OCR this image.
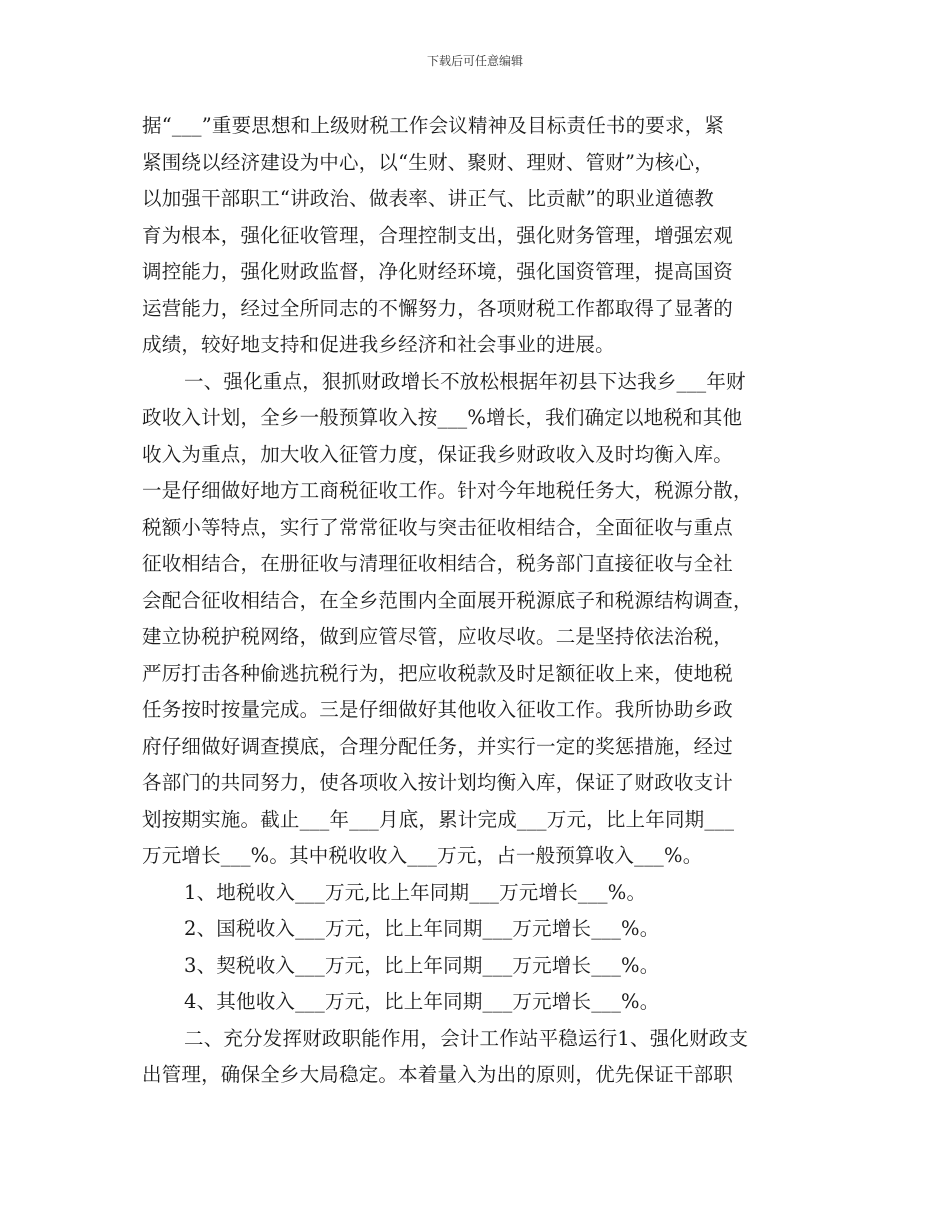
下载后可任意编辑
据“___”重要思想和上级财税工作会议精神及目标责任书的要求，紧
紧围绕以经济建设为中心，以“生财、聚财、理财、管财”为核心，
以加强干部职工“讲政治、做表率、讲正气、比贡献”的职业道德教
育为根本，强化征收管理，合理控制支出，强化财务管理，增强宏观
调控能力，强化财政监督，净化财经环境，强化国资管理，提高国资
运营能力，经过全所同志的不懈努力，各项财税工作都取得了显著的
成绩，较好地支持和促进我乡经济和社会事业的进展。
一、强化重点，狠抓财政增长不放松根据年初县下达我乡___年财
政收入计划，全乡一般预算收入按___%增长，我们确定以地税和其他
收入为重点，加大收入征管力度，保证我乡财政收入及时均衡入库。
一是仔细做好地方工商税征收工作。针对今年地税任务大，税源分散，
税额小等特点，实行了常常征收与突击征收相结合，全面征收与重点
征收相结合，在册征收与清理征收相结合，税务部门直接征收与全社
会配合征收相结合，在全乡范围内全面展开税源底子和税源结构调查，
建立协税护税网络，做到应管尽管，应收尽收。二是坚持依法治税，
严厉打击各种偷逃抗税行为，把应收税款及时足额征收上来，使地税
任务按时按量完成。三是仔细做好其他收入征收工作。我所协助乡政
府仔细做好调查摸底，合理分配任务，并实行一定的奖惩措施，经过
各部门的共同努力，使各项收入按计划均衡入库，保证了财政收支计
划按期实施。截止___年___月底，累计完成___万元，比上年同期___
万元增长___%。其中税收收入___万元，占一般预算收入___%。
1、地税收入___万元,比上年同期___万元增长___%。
2、国税收入___万元，比上年同期___万元增长___%。
3、契税收入___万元，比上年同期___万元增长___%。
4、其他收入___万元，比上年同期___万元增长___%。
二、充分发挥财政职能作用，会计工作站平稳运行1、强化财政支
出管理，确保全乡大局稳定。本着量入为出的原则，优先保证干部职
